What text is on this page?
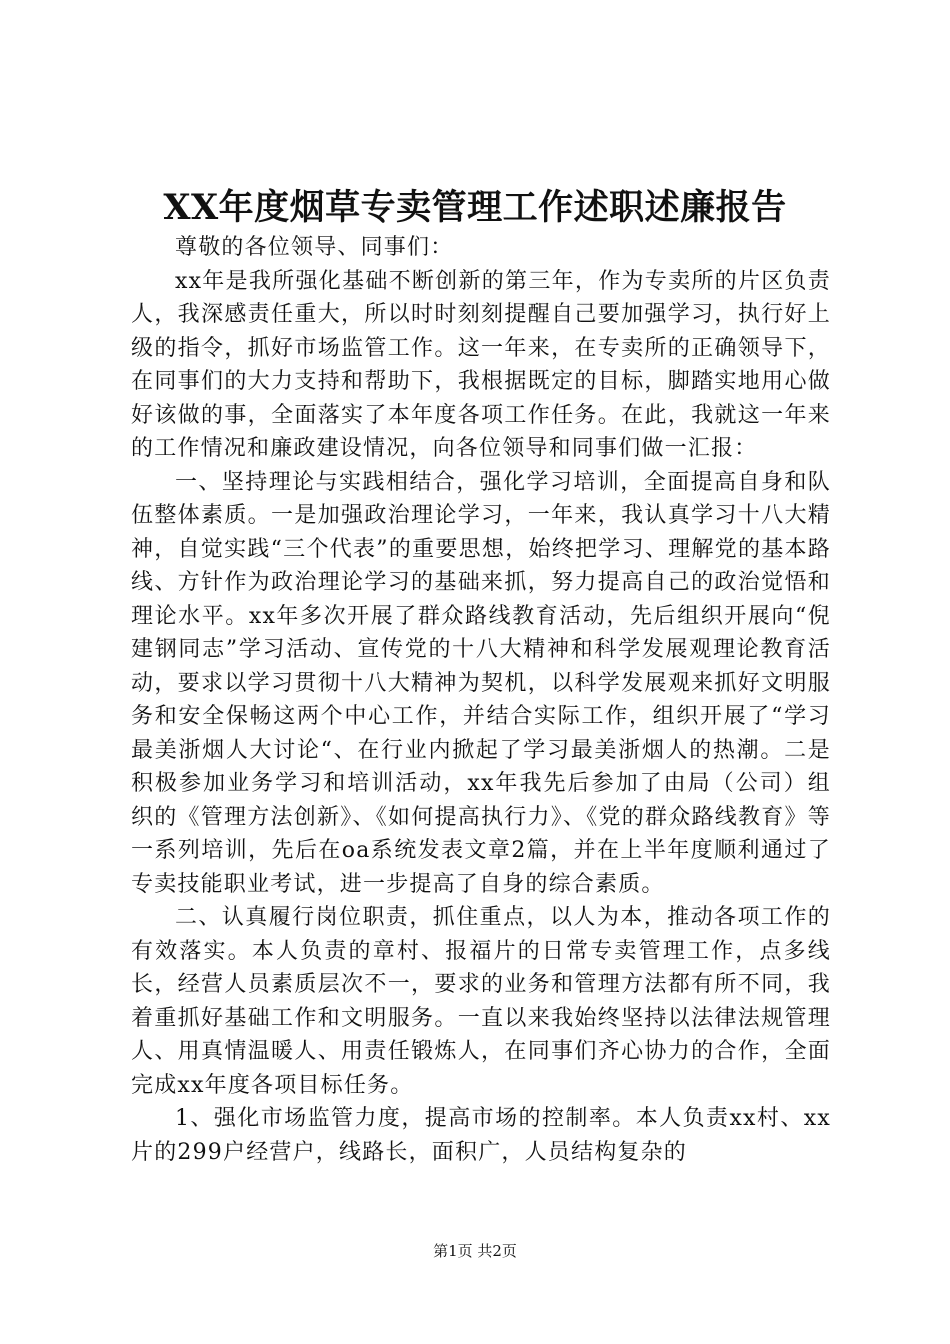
XX年度烟草专卖管理工作述职述廉报告

尊敬的各位领导、同事们：

xx年是我所强化基础不断创新的第三年，作为专卖所的片区负责人，我深感责任重大，所以时时刻刻提醒自己要加强学习，执行好上级的指令，抓好市场监管工作。这一年来，在专卖所的正确领导下，在同事们的大力支持和帮助下，我根据既定的目标，脚踏实地用心做好该做的事，全面落实了本年度各项工作任务。在此，我就这一年来的工作情况和廉政建设情况，向各位领导和同事们做一汇报：

一、坚持理论与实践相结合，强化学习培训，全面提高自身和队伍整体素质。一是加强政治理论学习，一年来，我认真学习十八大精神，自觉实践“三个代表”的重要思想，始终把学习、理解党的基本路线、方针作为政治理论学习的基础来抓，努力提高自己的政治觉悟和理论水平。xx年多次开展了群众路线教育活动，先后组织开展向“倪建钢同志”学习活动、宣传党的十八大精神和科学发展观理论教育活动，要求以学习贯彻十八大精神为契机，以科学发展观来抓好文明服务和安全保畅这两个中心工作，并结合实际工作，组织开展了“学习最美浙烟人大讨论“、在行业内掀起了学习最美浙烟人的热潮。二是积极参加业务学习和培训活动，xx年我先后参加了由局（公司）组织的《管理方法创新》、《如何提高执行力》、《党的群众路线教育》等一系列培训，先后在oa系统发表文章2篇，并在上半年度顺利通过了专卖技能职业考试，进一步提高了自身的综合素质。

二、认真履行岗位职责，抓住重点，以人为本，推动各项工作的有效落实。本人负责的章村、报福片的日常专卖管理工作，点多线长，经营人员素质层次不一，要求的业务和管理方法都有所不同，我着重抓好基础工作和文明服务。一直以来我始终坚持以法律法规管理人、用真情温暖人、用责任锻炼人，在同事们齐心协力的合作，全面完成xx年度各项目标任务。

1、强化市场监管力度，提高市场的控制率。本人负责xx村、xx片的299户经营户，线路长，面积广，人员结构复杂的

第1页 共2页
